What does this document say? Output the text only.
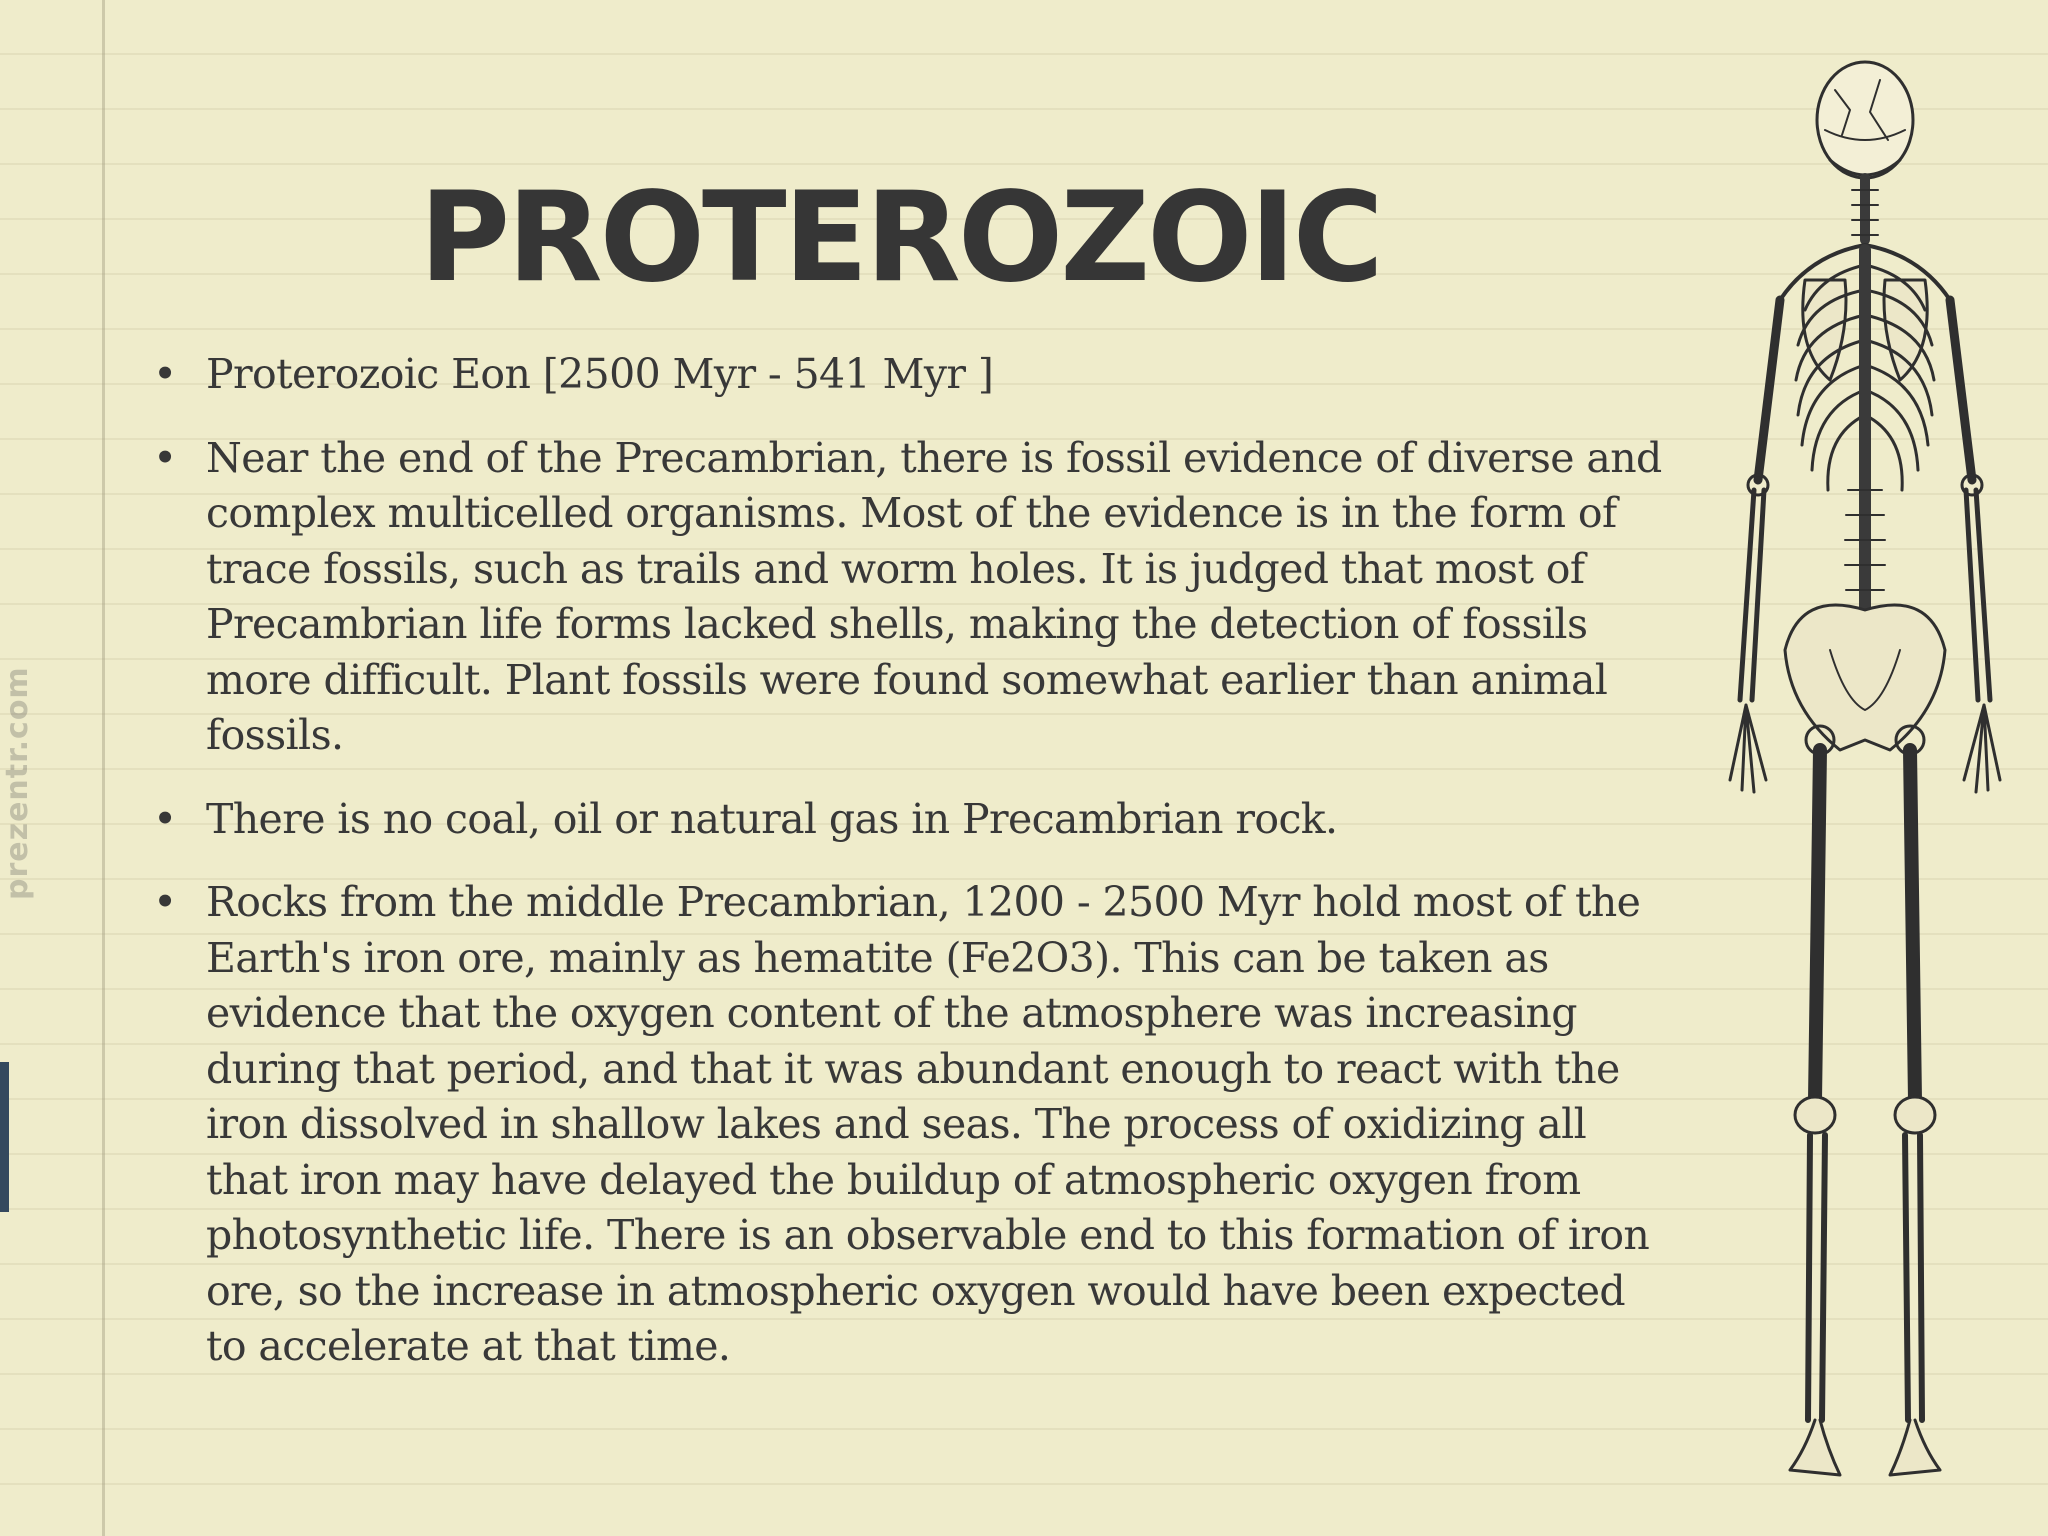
prezentr.com
PROTEROZOIC
• Proterozoic Eon [2500 Myr - 541 Myr ]
• Near the end of the Precambrian, there is fossil evidence of diverse and complex multicelled organisms. Most of the evidence is in the form of trace fossils, such as trails and worm holes. It is judged that most of Precambrian life forms lacked shells, making the detection of fossils more difficult. Plant fossils were found somewhat earlier than animal fossils.
• There is no coal, oil or natural gas in Precambrian rock.
• Rocks from the middle Precambrian, 1200 - 2500 Myr hold most of the Earth's iron ore, mainly as hematite (Fe2O3). This can be taken as evidence that the oxygen content of the atmosphere was increasing during that period, and that it was abundant enough to react with the iron dissolved in shallow lakes and seas. The process of oxidizing all that iron may have delayed the buildup of atmospheric oxygen from photosynthetic life. There is an observable end to this formation of iron ore, so the increase in atmospheric oxygen would have been expected to accelerate at that time.
